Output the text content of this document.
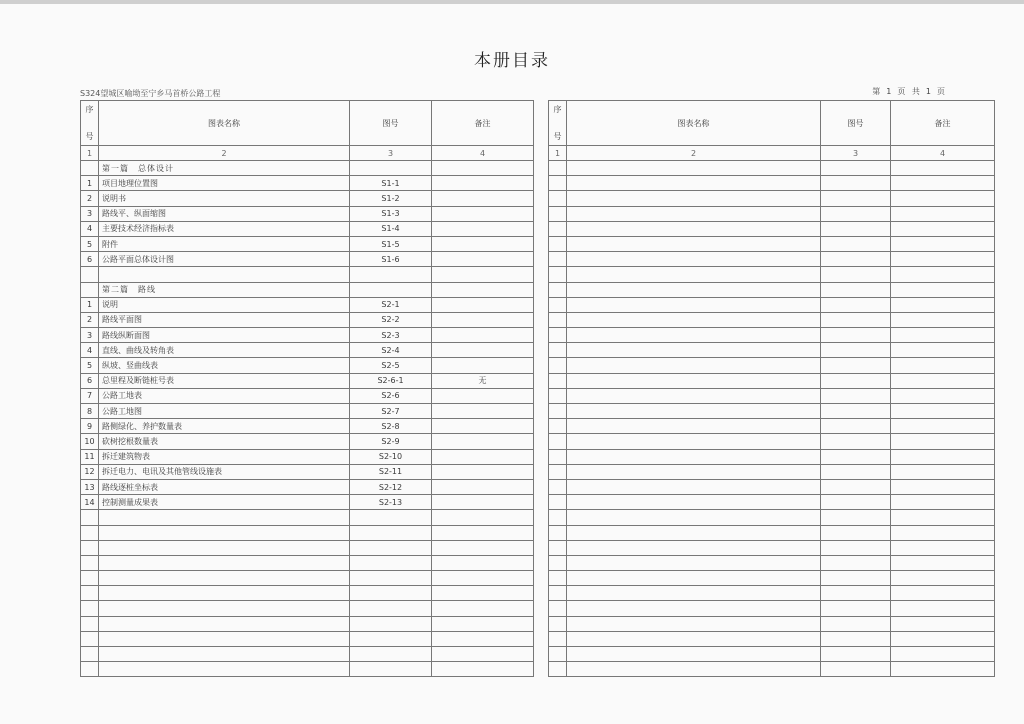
本册目录
S324望城区喻坳至宁乡马首桥公路工程	第 1 页 共 1 页
序
号	图表名称	图号	备注
1	2	3	4
	第一篇　总体设计		
1	项目地理位置图	S1-1	
2	说明书	S1-2	
3	路线平、纵面缩图	S1-3	
4	主要技术经济指标表	S1-4	
5	附件	S1-5	
6	公路平面总体设计图	S1-6	

	第二篇　路线		
1	说明	S2-1	
2	路线平面图	S2-2	
3	路线纵断面图	S2-3	
4	直线、曲线及转角表	S2-4	
5	纵坡、竖曲线表	S2-5	
6	总里程及断链桩号表	S2-6-1	无
7	公路工地表	S2-6	
8	公路工地图	S2-7	
9	路侧绿化、养护数量表	S2-8	
10	砍树挖根数量表	S2-9	
11	拆迁建筑物表	S2-10	
12	拆迁电力、电讯及其他管线设施表	S2-11	
13	路线逐桩坐标表	S2-12	
14	控制测量成果表	S2-13	

序
号	图表名称	图号	备注
1	2	3	4
